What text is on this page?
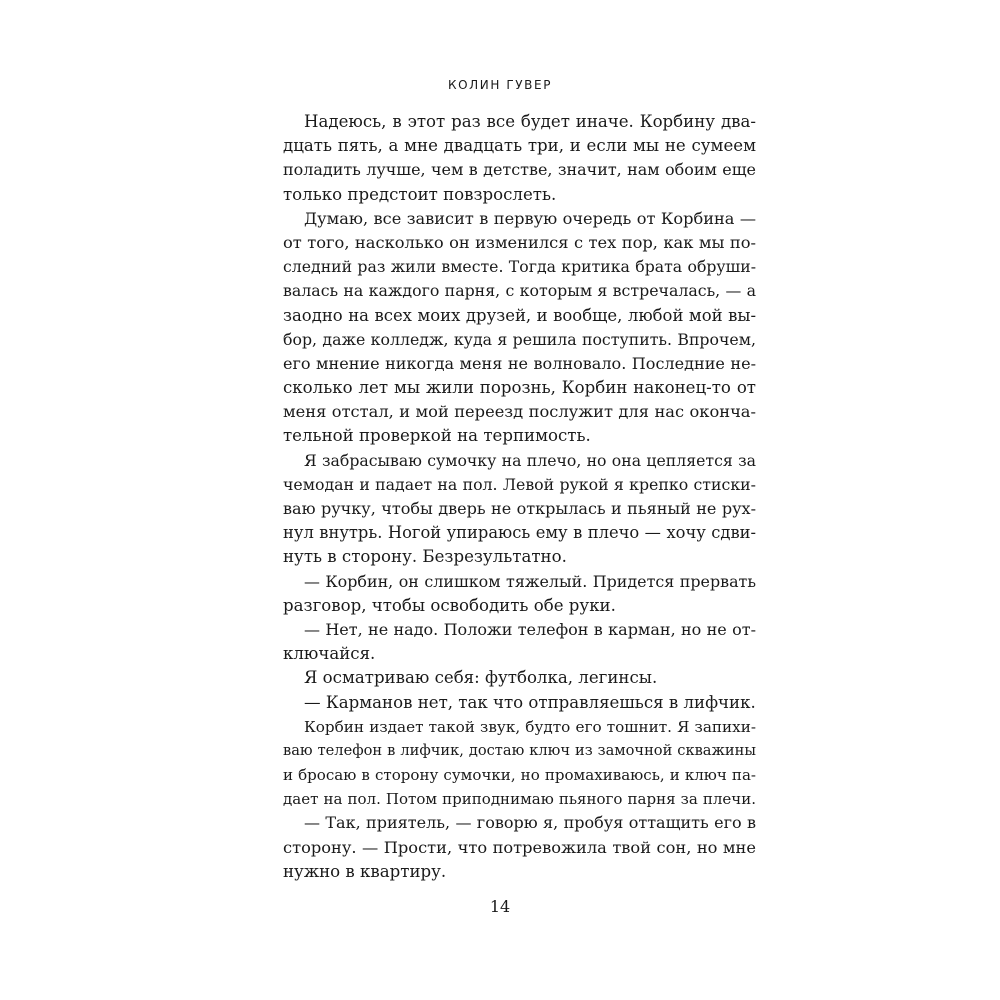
КОЛИН ГУВЕР
Надеюсь, в этот раз все будет иначе. Корбину два-
дцать пять, а мне двадцать три, и если мы не сумеем
поладить лучше, чем в детстве, значит, нам обоим еще
только предстоит повзрослеть.
Думаю, все зависит в первую очередь от Корбина —
от того, насколько он изменился с тех пор, как мы по-
следний раз жили вместе. Тогда критика брата обруши-
валась на каждого парня, с которым я встречалась, — а
заодно на всех моих друзей, и вообще, любой мой вы-
бор, даже колледж, куда я решила поступить. Впрочем,
его мнение никогда меня не волновало. Последние не-
сколько лет мы жили порознь, Корбин наконец-то от
меня отстал, и мой переезд послужит для нас оконча-
тельной проверкой на терпимость.
Я забрасываю сумочку на плечо, но она цепляется за
чемодан и падает на пол. Левой рукой я крепко стиски-
ваю ручку, чтобы дверь не открылась и пьяный не рух-
нул внутрь. Ногой упираюсь ему в плечо — хочу сдви-
нуть в сторону. Безрезультатно.
— Корбин, он слишком тяжелый. Придется прервать
разговор, чтобы освободить обе руки.
— Нет, не надо. Положи телефон в карман, но не от-
ключайся.
Я осматриваю себя: футболка, легинсы.
— Карманов нет, так что отправляешься в лифчик.
Корбин издает такой звук, будто его тошнит. Я запихи-
ваю телефон в лифчик, достаю ключ из замочной скважины
и бросаю в сторону сумочки, но промахиваюсь, и ключ па-
дает на пол. Потом приподнимаю пьяного парня за плечи.
— Так, приятель, — говорю я, пробуя оттащить его в
сторону. — Прости, что потревожила твой сон, но мне
нужно в квартиру.
14
